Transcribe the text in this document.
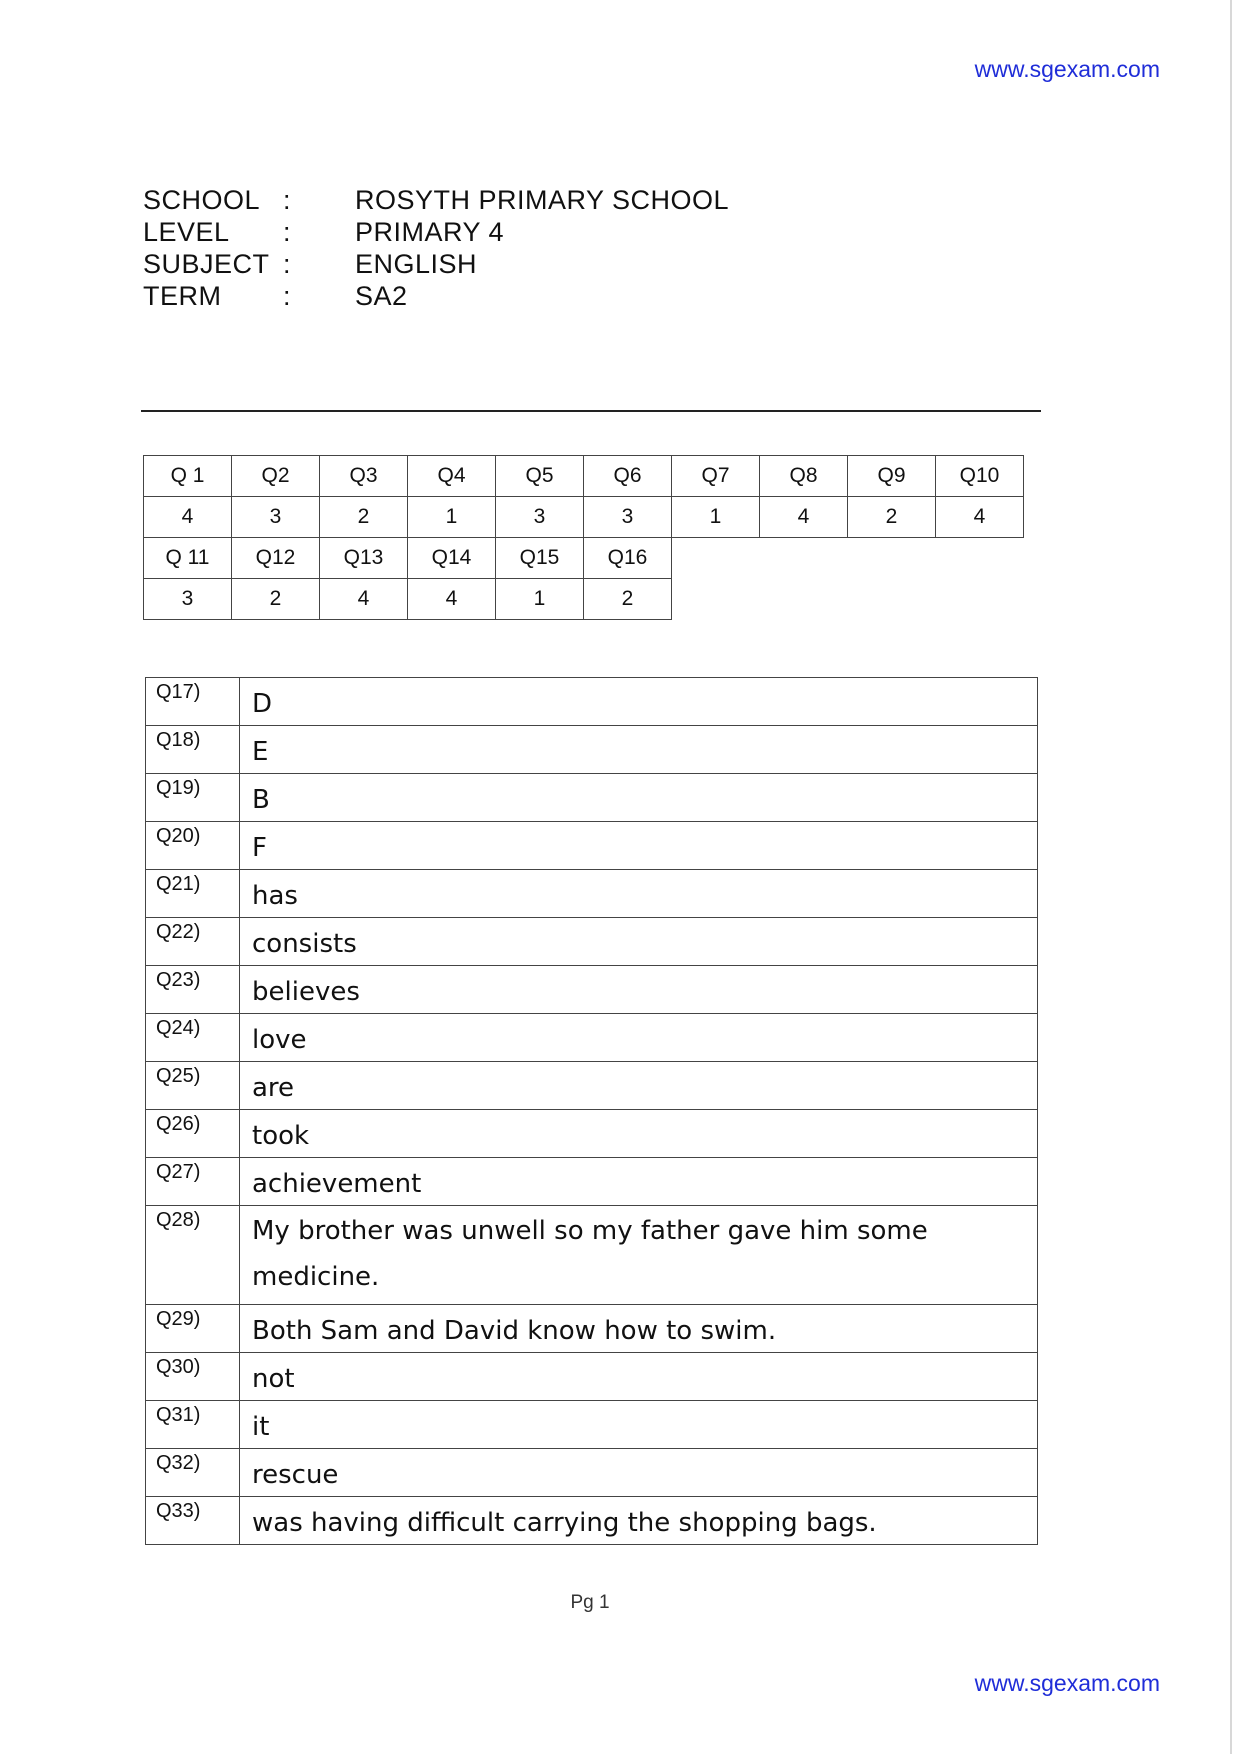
www.sgexam.com
SCHOOL :	ROSYTH PRIMARY SCHOOL
LEVEL	:	PRIMARY 4
SUBJECT :	ENGLISH
TERM	:	SA2
Q 1	Q2	Q3	Q4	Q5	Q6	Q7	Q8	Q9	Q10
4	3	2	1	3	3	1	4	2	4
Q 11	Q12	Q13	Q14	Q15	Q16				
3	2	4	4	1	2				
Q17)	D
Q18)	E
Q19)	B
Q20)	F
Q21)	has
Q22)	consists
Q23)	believes
Q24)	love
Q25)	are
Q26)	took
Q27)	achievement
Q28)	My brother was unwell so my father gave him some medicine.
Q29)	Both Sam and David know how to swim.
Q30)	not
Q31)	it
Q32)	rescue
Q33)	was having difficult carrying the shopping bags.
Pg 1
www.sgexam.com
